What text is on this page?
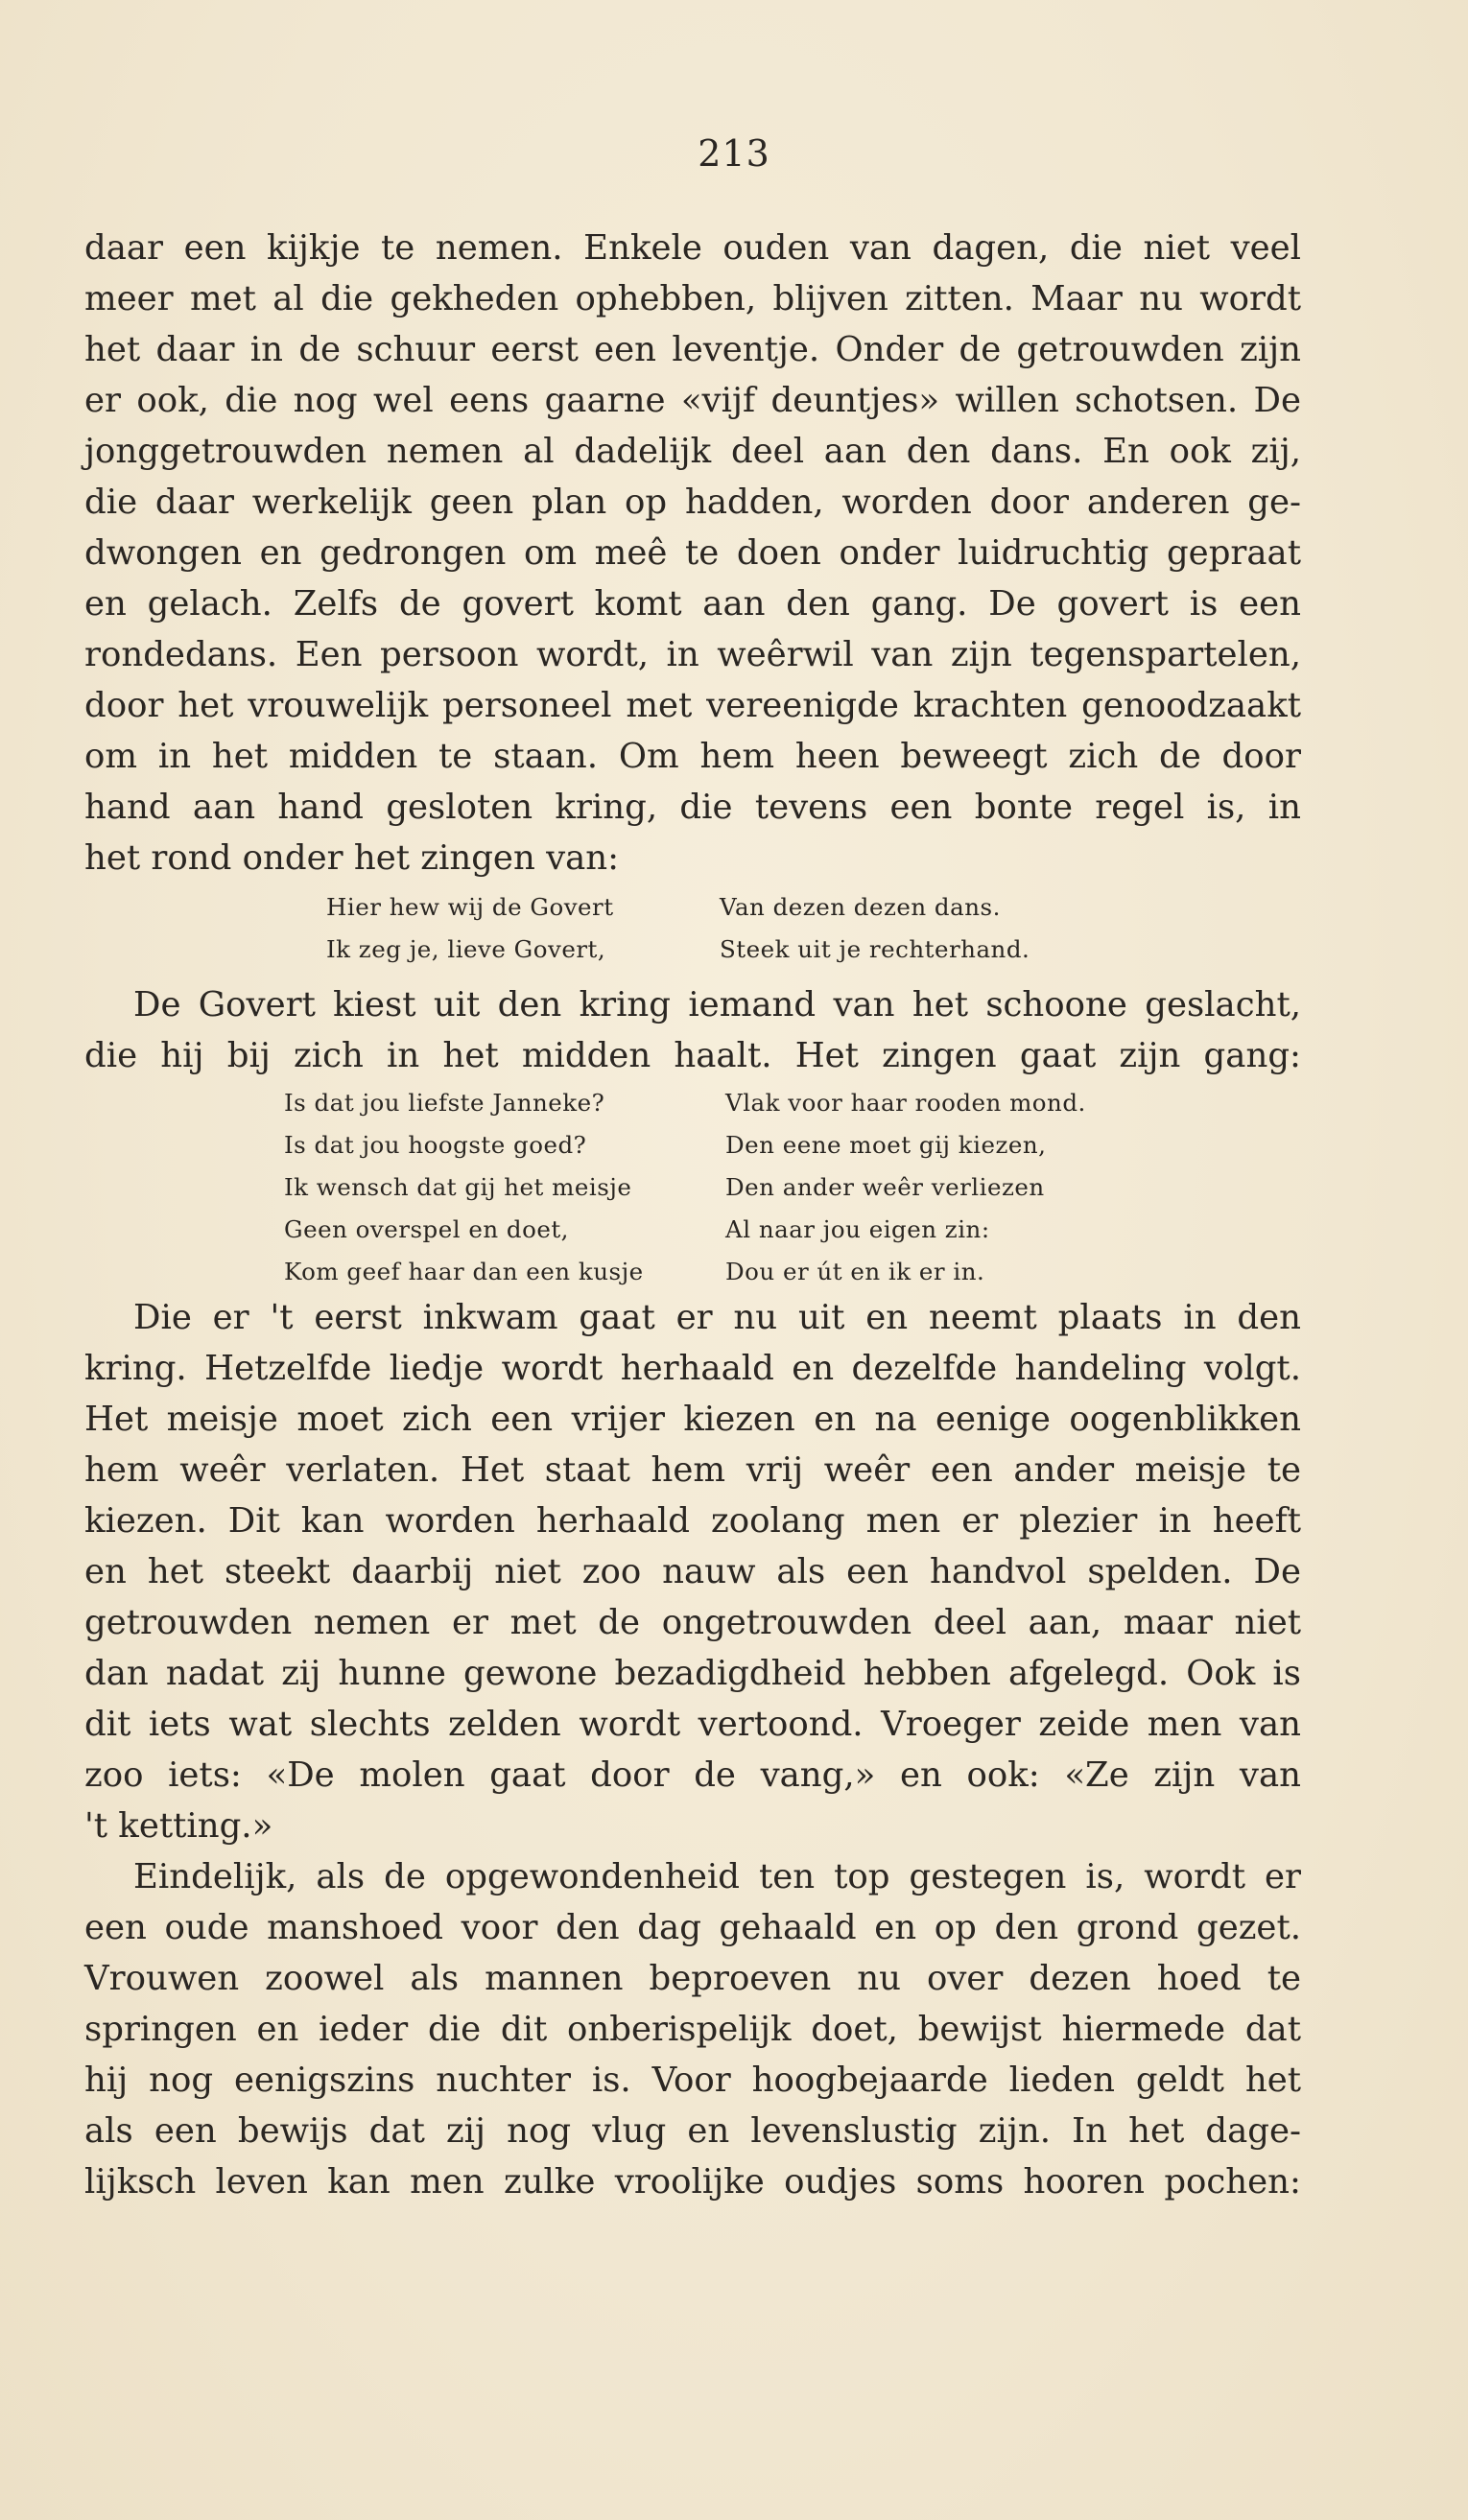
213
daar een kijkje te nemen. Enkele ouden van dagen, die niet veel
meer met al die gekheden ophebben, blijven zitten. Maar nu wordt
het daar in de schuur eerst een leventje. Onder de getrouwden zijn
er ook, die nog wel eens gaarne «vijf deuntjes» willen schotsen. De
jonggetrouwden nemen al dadelijk deel aan den dans. En ook zij,
die daar werkelijk geen plan op hadden, worden door anderen ge-
dwongen en gedrongen om meê te doen onder luidruchtig gepraat
en gelach. Zelfs de govert komt aan den gang. De govert is een
rondedans. Een persoon wordt, in weêrwil van zijn tegenspartelen,
door het vrouwelijk personeel met vereenigde krachten genoodzaakt
om in het midden te staan. Om hem heen beweegt zich de door
hand aan hand gesloten kring, die tevens een bonte regel is, in
het rond onder het zingen van:
Hier hew wij de Govert
Ik zeg je, lieve Govert,
Van dezen dezen dans.
Steek uit je rechterhand.
De Govert kiest uit den kring iemand van het schoone geslacht,
die hij bij zich in het midden haalt. Het zingen gaat zijn gang:
Is dat jou liefste Janneke?
Is dat jou hoogste goed?
Ik wensch dat gij het meisje
Geen overspel en doet,
Kom geef haar dan een kusje
Vlak voor haar rooden mond.
Den eene moet gij kiezen,
Den ander weêr verliezen
Al naar jou eigen zin:
Dou er út en ik er in.
Die er 't eerst inkwam gaat er nu uit en neemt plaats in den
kring. Hetzelfde liedje wordt herhaald en dezelfde handeling volgt.
Het meisje moet zich een vrijer kiezen en na eenige oogenblikken
hem weêr verlaten. Het staat hem vrij weêr een ander meisje te
kiezen. Dit kan worden herhaald zoolang men er plezier in heeft
en het steekt daarbij niet zoo nauw als een handvol spelden. De
getrouwden nemen er met de ongetrouwden deel aan, maar niet
dan nadat zij hunne gewone bezadigdheid hebben afgelegd. Ook is
dit iets wat slechts zelden wordt vertoond. Vroeger zeide men van
zoo iets: «De molen gaat door de vang,» en ook: «Ze zijn van
't ketting.»
Eindelijk, als de opgewondenheid ten top gestegen is, wordt er
een oude manshoed voor den dag gehaald en op den grond gezet.
Vrouwen zoowel als mannen beproeven nu over dezen hoed te
springen en ieder die dit onberispelijk doet, bewijst hiermede dat
hij nog eenigszins nuchter is. Voor hoogbejaarde lieden geldt het
als een bewijs dat zij nog vlug en levenslustig zijn. In het dage-
lijksch leven kan men zulke vroolijke oudjes soms hooren pochen:
